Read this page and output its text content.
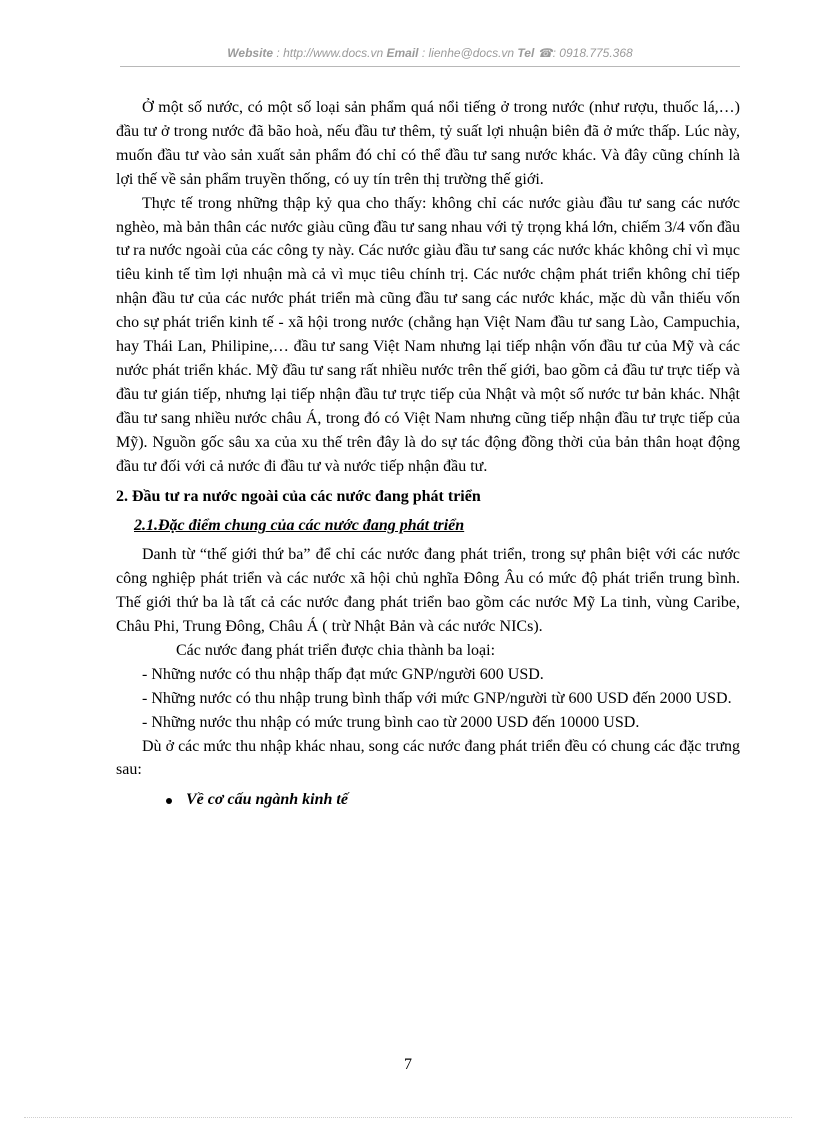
Website : http://www.docs.vn Email : lienhe@docs.vn Tel ☎: 0918.775.368

Ở một số nước, có một số loại sản phẩm quá nổi tiếng ở trong nước (như rượu, thuốc lá,…) đầu tư ở trong nước đã bão hoà, nếu đầu tư thêm, tỷ suất lợi nhuận biên đã ở mức thấp. Lúc này, muốn đầu tư vào sản xuất sản phẩm đó chỉ có thể đầu tư sang nước khác. Và đây cũng chính là lợi thế về sản phẩm truyền thống, có uy tín trên thị trường thế giới.

Thực tế trong những thập kỷ qua cho thấy: không chỉ các nước giàu đầu tư sang các nước nghèo, mà bản thân các nước giàu cũng đầu tư sang nhau với tỷ trọng khá lớn, chiếm 3/4 vốn đầu tư ra nước ngoài của các công ty này. Các nước giàu đầu tư sang các nước khác không chỉ vì mục tiêu kinh tế tìm lợi nhuận mà cả vì mục tiêu chính trị. Các nước chậm phát triển không chỉ tiếp nhận đầu tư của các nước phát triển mà cũng đầu tư sang các nước khác, mặc dù vẫn thiếu vốn cho sự phát triển kinh tế - xã hội trong nước (chẳng hạn Việt Nam đầu tư sang Lào, Campuchia, hay Thái Lan, Philipine,… đầu tư sang Việt Nam nhưng lại tiếp nhận vốn đầu tư của Mỹ và các nước phát triển khác. Mỹ đầu tư sang rất nhiều nước trên thế giới, bao gồm cả đầu tư trực tiếp và đầu tư gián tiếp, nhưng lại tiếp nhận đầu tư trực tiếp của Nhật và một số nước tư bản khác. Nhật đầu tư sang nhiều nước châu Á, trong đó có Việt Nam nhưng cũng tiếp nhận đầu tư trực tiếp của Mỹ). Nguồn gốc sâu xa của xu thế trên đây là do sự tác động đồng thời của bản thân hoạt động đầu tư đối với cả nước đi đầu tư và nước tiếp nhận đầu tư.

2. Đầu tư ra nước ngoài của các nước đang phát triển
2.1.Đặc điểm chung của các nước đang phát triển

Danh từ “thế giới thứ ba” để chỉ các nước đang phát triển, trong sự phân biệt với các nước công nghiệp phát triển và các nước xã hội chủ nghĩa Đông Âu có mức độ phát triển trung bình. Thế giới thứ ba là tất cả các nước đang phát triển bao gồm các nước Mỹ La tinh, vùng Caribe, Châu Phi, Trung Đông, Châu Á ( trừ Nhật Bản và các nước NICs).

Các nước đang phát triển được chia thành ba loại:

- Những nước có thu nhập thấp đạt mức GNP/người 600 USD.

- Những nước có thu nhập trung bình thấp với mức GNP/người từ 600 USD đến 2000 USD.

- Những nước thu nhập có mức trung bình cao từ 2000 USD đến 10000 USD.

Dù ở các mức thu nhập khác nhau, song các nước đang phát triển đều có chung các đặc trưng sau:

Về cơ cấu ngành kinh tế
7
